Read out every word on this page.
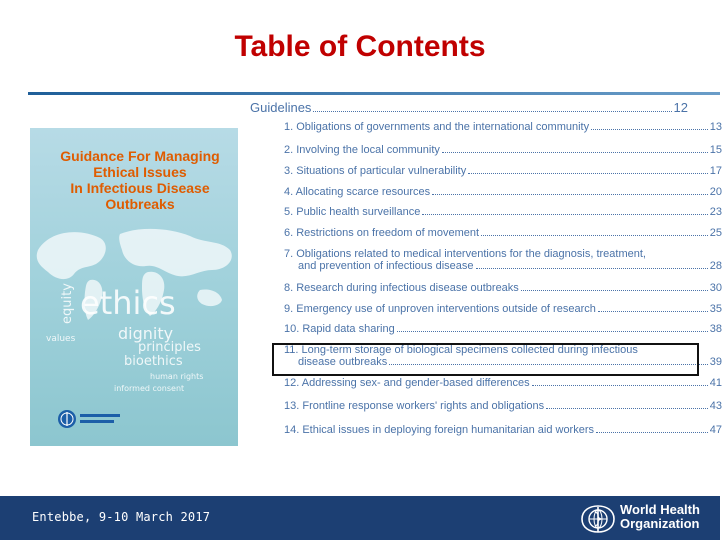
Table of Contents
Guidance For Managing
Ethical Issues
In Infectious Disease
Outbreaks
ethics
equity
dignity
principles
bioethics
values
human rights
informed consent
Guidelines	12
1. Obligations of governments and the international community	13
2. Involving the local community	15
3. Situations of particular vulnerability	17
4. Allocating scarce resources	20
5. Public health surveillance	23
6. Restrictions on freedom of movement	25
7. Obligations related to medical interventions for the diagnosis, treatment,
and prevention of infectious disease	28
8. Research during infectious disease outbreaks	30
9. Emergency use of unproven interventions outside of research	35
10. Rapid data sharing	38
11. Long-term storage of biological specimens collected during infectious
disease outbreaks	39
12. Addressing sex- and gender-based differences	41
13. Frontline response workers' rights and obligations	43
14. Ethical issues in deploying foreign humanitarian aid workers	47
Entebbe, 9-10 March 2017	World Health
Organization
